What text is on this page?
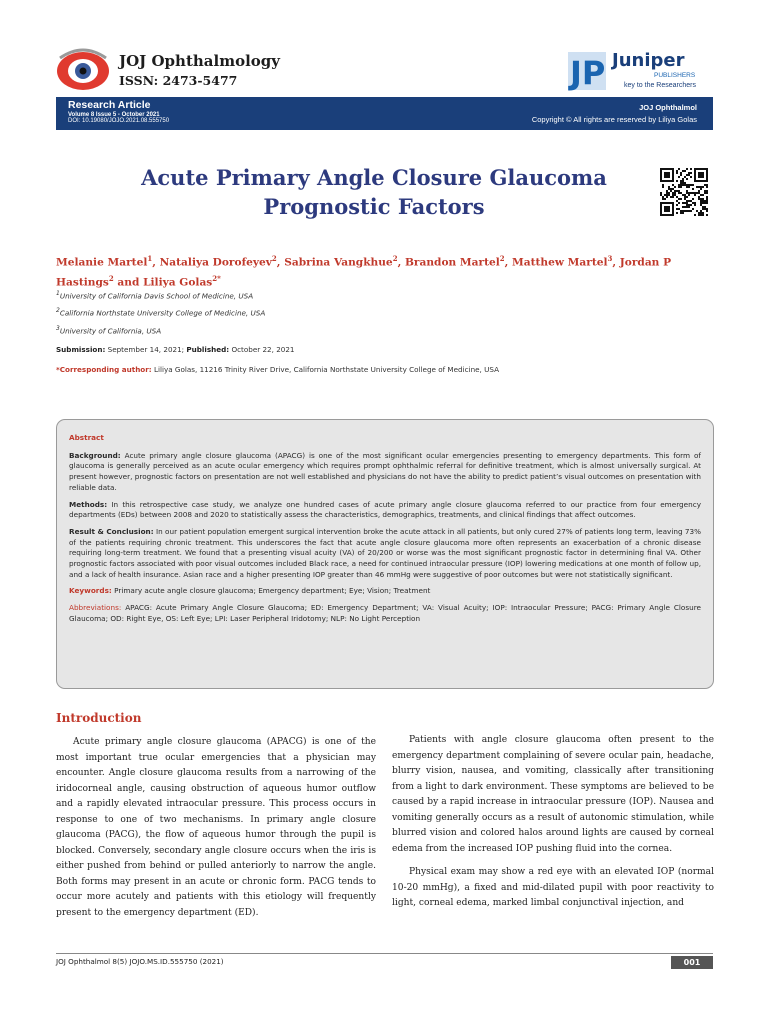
JOJ Ophthalmology
ISSN: 2473-5477	JP Juniper
PUBLISHERS
key to the Researchers
Research Article
Volume 8 Issue 5 - October 2021
DOI: 10.19080/JOJO.2021.08.555750
JOJ Ophthalmol
Copyright © All rights are reserved by Liliya Golas
Acute Primary Angle Closure Glaucoma
Prognostic Factors
Melanie Martel$^1$, Nataliya Dorofeyev$^2$, Sabrina Vangkhue$^2$, Brandon Martel$^2$, Matthew Martel$^3$, Jordan P Hastings$^2$ and Liliya Golas$^{2*}$
$^1$University of California Davis School of Medicine, USA
$^2$California Northstate University College of Medicine, USA
$^3$University of California, USA
Submission: September 14, 2021; Published: October 22, 2021
*Corresponding author: Liliya Golas, 11216 Trinity River Drive, California Northstate University College of Medicine, USA

Abstract

Background: Acute primary angle closure glaucoma (APACG) is one of the most significant ocular emergencies presenting to emergency departments. This form of glaucoma is generally perceived as an acute ocular emergency which requires prompt ophthalmic referral for definitive treatment, which is almost universally surgical. At present however, prognostic factors on presentation are not well established and physicians do not have the ability to predict patient’s visual outcomes on presentation with reliable data.

Methods: In this retrospective case study, we analyze one hundred cases of acute primary angle closure glaucoma referred to our practice from four emergency departments (EDs) between 2008 and 2020 to statistically assess the characteristics, demographics, treatments, and clinical findings that affect outcomes.

Result & Conclusion: In our patient population emergent surgical intervention broke the acute attack in all patients, but only cured 27% of patients long term, leaving 73% of the patients requiring chronic treatment. This underscores the fact that acute angle closure glaucoma more often represents an exacerbation of a chronic disease requiring long-term treatment. We found that a presenting visual acuity (VA) of 20/200 or worse was the most significant prognostic factor in determining final VA. Other prognostic factors associated with poor visual outcomes included Black race, a need for continued intraocular pressure (IOP) lowering medications at one month of follow up, and a lack of health insurance. Asian race and a higher presenting IOP greater than 46 mmHg were suggestive of poor outcomes but were not statistically significant.

Keywords: Primary acute angle closure glaucoma; Emergency department; Eye; Vision; Treatment

Abbreviations: APACG: Acute Primary Angle Closure Glaucoma; ED: Emergency Department; VA: Visual Acuity; IOP: Intraocular Pressure; PACG: Primary Angle Closure Glaucoma; OD: Right Eye, OS: Left Eye; LPI: Laser Peripheral Iridotomy; NLP: No Light Perception

Introduction

Acute primary angle closure glaucoma (APACG) is one of the most important true ocular emergencies that a physician may encounter. Angle closure glaucoma results from a narrowing of the iridocorneal angle, causing obstruction of aqueous humor outflow and a rapidly elevated intraocular pressure. This process occurs in response to one of two mechanisms. In primary angle closure glaucoma (PACG), the flow of aqueous humor through the pupil is blocked. Conversely, secondary angle closure occurs when the iris is either pushed from behind or pulled anteriorly to narrow the angle. Both forms may present in an acute or chronic form. PACG tends to occur more acutely and patients with this etiology will frequently present to the emergency department (ED).

Patients with angle closure glaucoma often present to the emergency department complaining of severe ocular pain, headache, blurry vision, nausea, and vomiting, classically after transitioning from a light to dark environment. These symptoms are believed to be caused by a rapid increase in intraocular pressure (IOP). Nausea and vomiting generally occurs as a result of autonomic stimulation, while blurred vision and colored halos around lights are caused by corneal edema from the increased IOP pushing fluid into the cornea.

Physical exam may show a red eye with an elevated IOP (normal 10-20 mmHg), a fixed and mid-dilated pupil with poor reactivity to light, corneal edema, marked limbal conjunctival injection, and

JOJ Ophthalmol 8(5) JOJO.MS.ID.555750 (2021)	001
